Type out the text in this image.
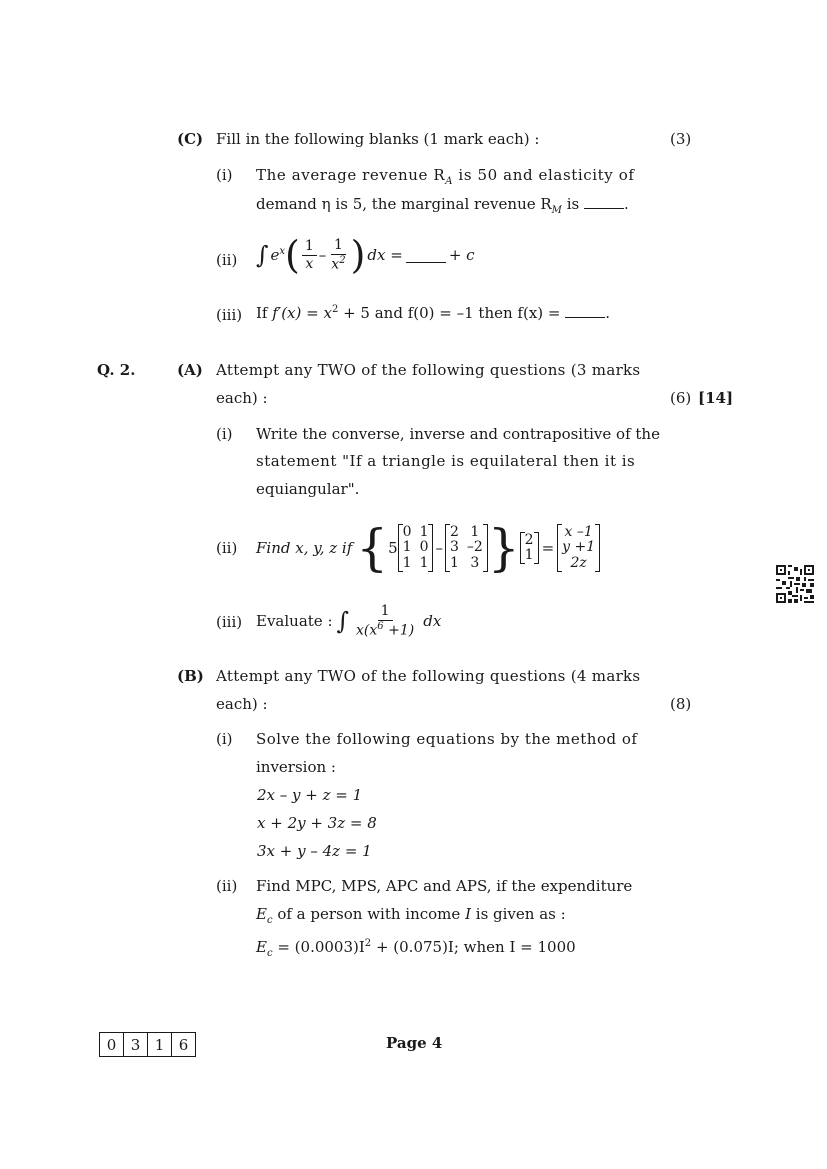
(C) Fill in the following blanks (1 mark each) :	(3)
(i) The average revenue $R_A$ is 50 and elasticity of
demand η is 5, the marginal revenue $R_M$ is	.
(ii) ∫ $e^x$ ( $\frac{1}{x} - \frac{1}{x^2}$ ) dx =	+ c
(iii) If $f'(x) = x^2 + 5$ and f(0) = –1 then f(x) =	.
Q. 2.	(A) Attempt any TWO of the following questions (3 marks
each) :	(6) [14]
(i) Write the converse, inverse and contrapositive of the
statement "If a triangle is equilateral then it is
equiangular".
(ii) Find x, y, z if { 5
0 1
1 0
1 1
–
2 1
3 –2
1 3 } 2
1 =
x –1
y +1
2z
(iii) Evaluate : ∫ $\frac{1}{x(x^6 +1)}$ dx
(B) Attempt any TWO of the following questions (4 marks
each) :	(8)
(i) Solve the following equations by the method of
inversion :
2x – y + z = 1
x + 2y + 3z = 8
3x + y – 4z = 1
(ii) Find MPC, MPS, APC and APS, if the expenditure
$E_c$ of a person with income I is given as :
$E_c = (0.0003)I^2 + (0.075)I$; when I = 1000
0 3 1 6	Page 4
